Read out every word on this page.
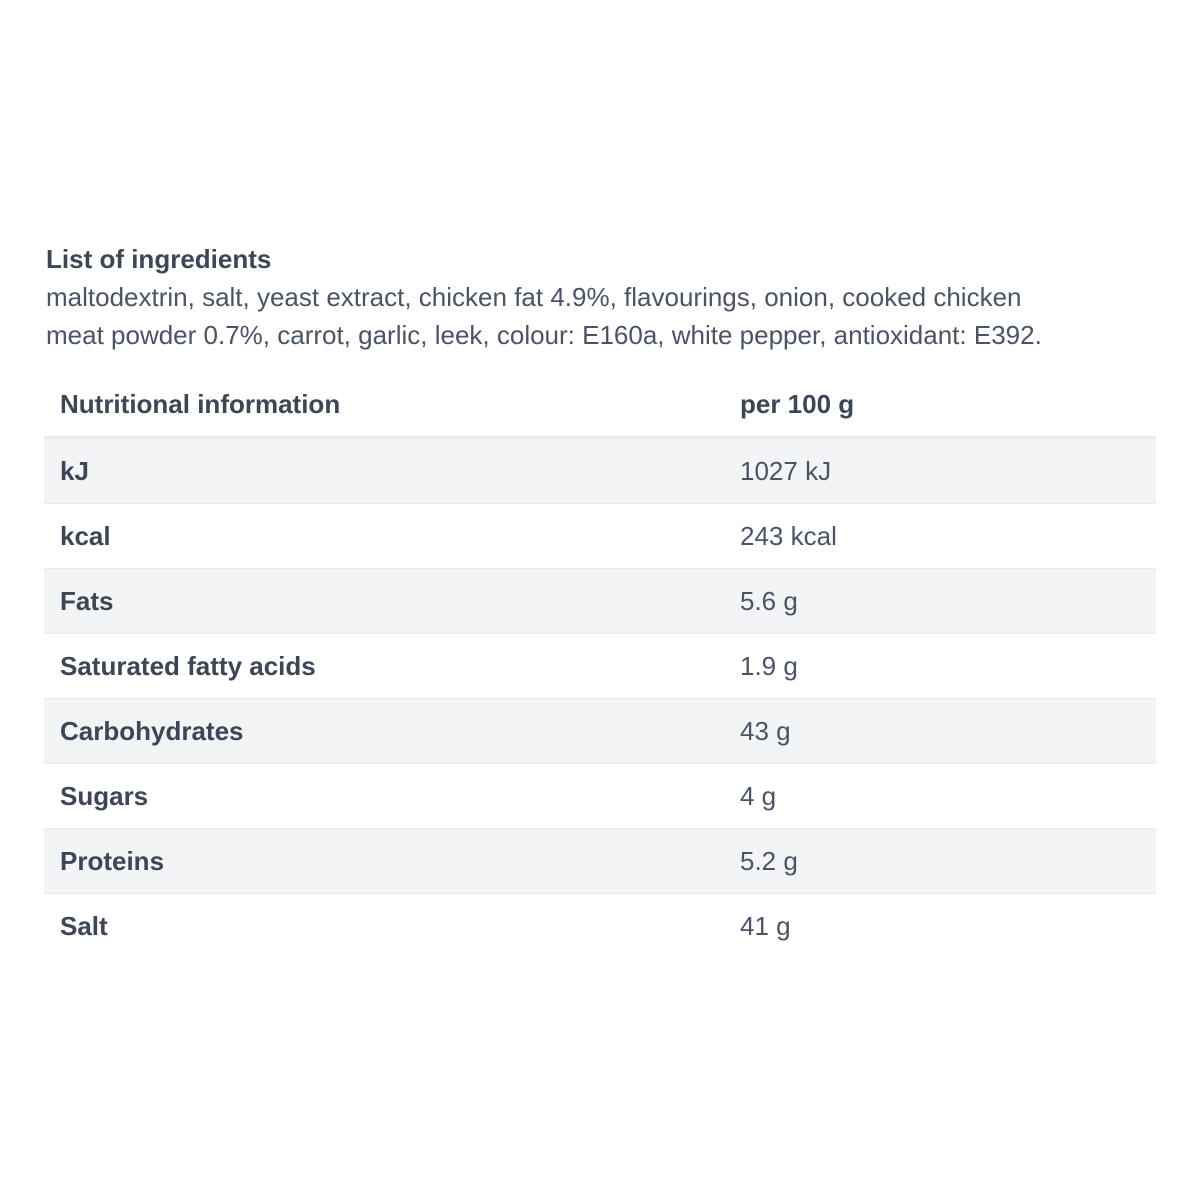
List of ingredients

maltodextrin, salt, yeast extract, chicken fat 4.9%, flavourings, onion, cooked chicken

meat powder 0.7%, carrot, garlic, leek, colour: E160a, white pepper, antioxidant: E392.

Nutritional information	per 100 g
kJ	1027 kJ
kcal	243 kcal
Fats	5.6 g
Saturated fatty acids	1.9 g
Carbohydrates	43 g
Sugars	4 g
Proteins	5.2 g
Salt	41 g
